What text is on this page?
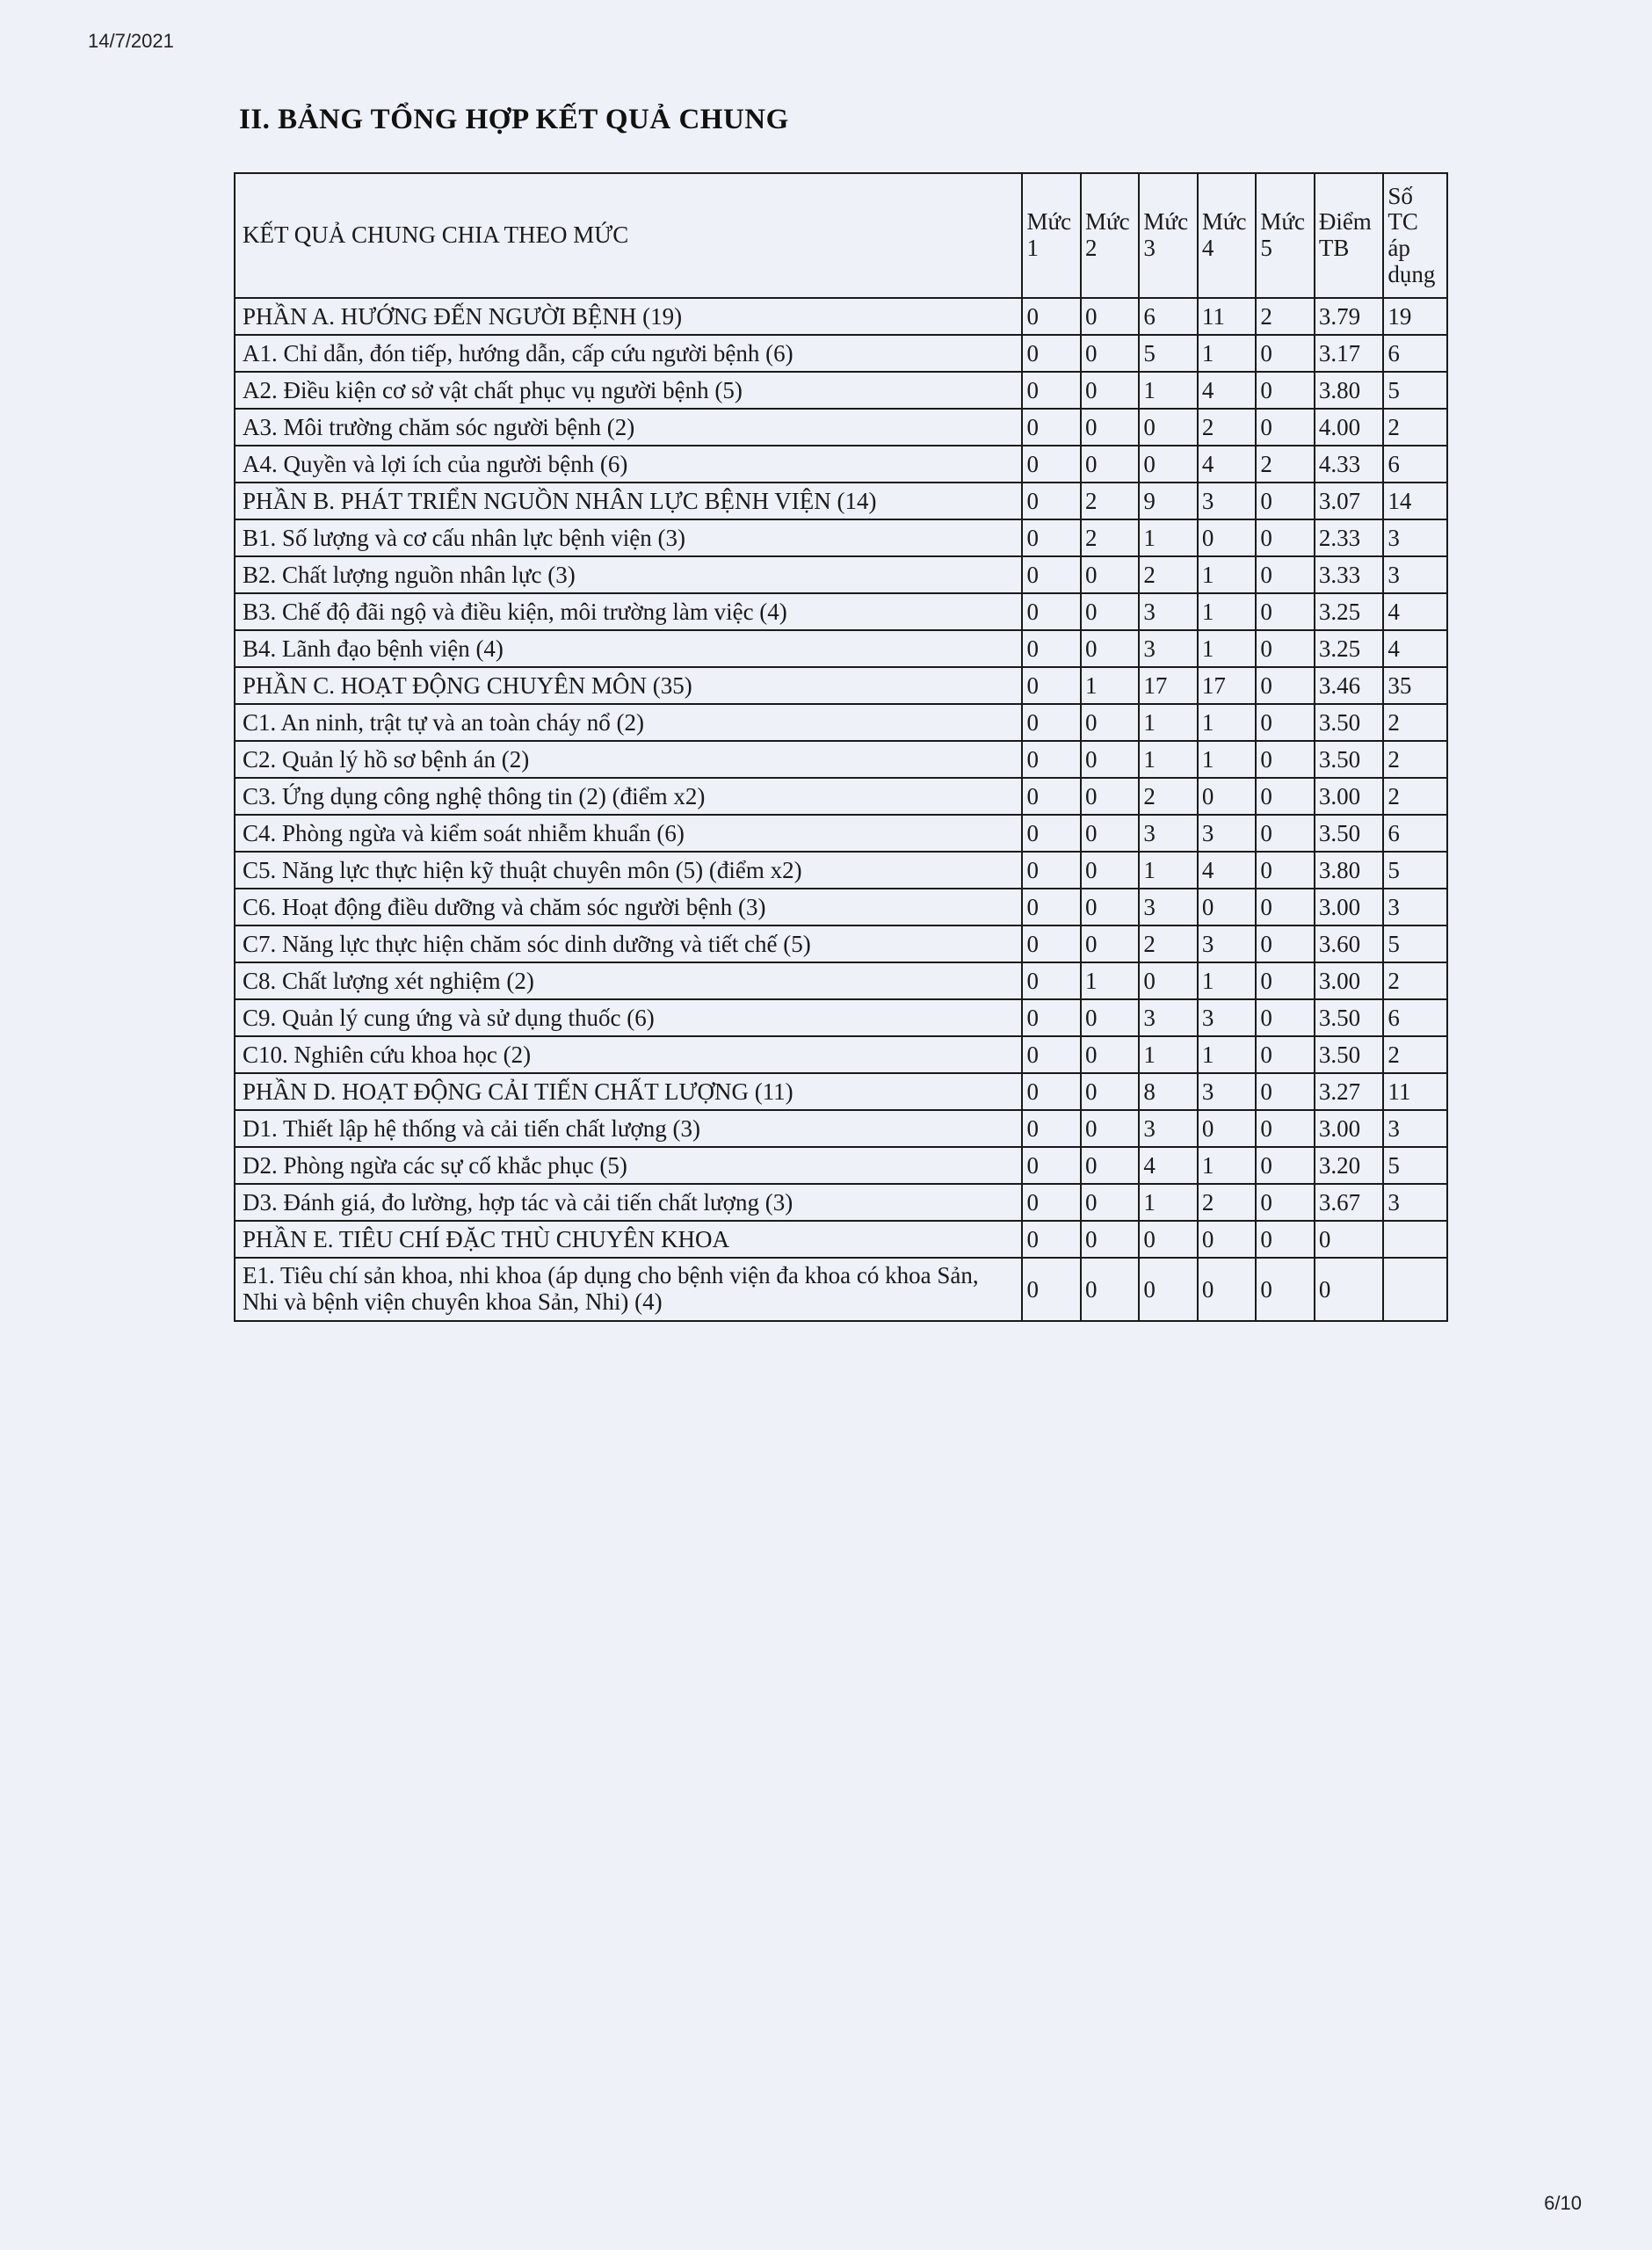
14/7/2021
II. BẢNG TỔNG HỢP KẾT QUẢ CHUNG
KẾT QUẢ CHUNG CHIA THEO MỨC	Mức 1	Mức 2	Mức 3	Mức 4	Mức 5	Điểm TB	Số TC áp dụng
PHẦN A. HƯỚNG ĐẾN NGƯỜI BỆNH (19)	0	0	6	11	2	3.79	19
A1. Chỉ dẫn, đón tiếp, hướng dẫn, cấp cứu người bệnh (6)	0	0	5	1	0	3.17	6
A2. Điều kiện cơ sở vật chất phục vụ người bệnh (5)	0	0	1	4	0	3.80	5
A3. Môi trường chăm sóc người bệnh (2)	0	0	0	2	0	4.00	2
A4. Quyền và lợi ích của người bệnh (6)	0	0	0	4	2	4.33	6
PHẦN B. PHÁT TRIỂN NGUỒN NHÂN LỰC BỆNH VIỆN (14)	0	2	9	3	0	3.07	14
B1. Số lượng và cơ cấu nhân lực bệnh viện (3)	0	2	1	0	0	2.33	3
B2. Chất lượng nguồn nhân lực (3)	0	0	2	1	0	3.33	3
B3. Chế độ đãi ngộ và điều kiện, môi trường làm việc (4)	0	0	3	1	0	3.25	4
B4. Lãnh đạo bệnh viện (4)	0	0	3	1	0	3.25	4
PHẦN C. HOẠT ĐỘNG CHUYÊN MÔN (35)	0	1	17	17	0	3.46	35
C1. An ninh, trật tự và an toàn cháy nổ (2)	0	0	1	1	0	3.50	2
C2. Quản lý hồ sơ bệnh án (2)	0	0	1	1	0	3.50	2
C3. Ứng dụng công nghệ thông tin (2) (điểm x2)	0	0	2	0	0	3.00	2
C4. Phòng ngừa và kiểm soát nhiễm khuẩn (6)	0	0	3	3	0	3.50	6
C5. Năng lực thực hiện kỹ thuật chuyên môn (5) (điểm x2)	0	0	1	4	0	3.80	5
C6. Hoạt động điều dưỡng và chăm sóc người bệnh (3)	0	0	3	0	0	3.00	3
C7. Năng lực thực hiện chăm sóc dinh dưỡng và tiết chế (5)	0	0	2	3	0	3.60	5
C8. Chất lượng xét nghiệm (2)	0	1	0	1	0	3.00	2
C9. Quản lý cung ứng và sử dụng thuốc (6)	0	0	3	3	0	3.50	6
C10. Nghiên cứu khoa học (2)	0	0	1	1	0	3.50	2
PHẦN D. HOẠT ĐỘNG CẢI TIẾN CHẤT LƯỢNG (11)	0	0	8	3	0	3.27	11
D1. Thiết lập hệ thống và cải tiến chất lượng (3)	0	0	3	0	0	3.00	3
D2. Phòng ngừa các sự cố khắc phục (5)	0	0	4	1	0	3.20	5
D3. Đánh giá, đo lường, hợp tác và cải tiến chất lượng (3)	0	0	1	2	0	3.67	3
PHẦN E. TIÊU CHÍ ĐẶC THÙ CHUYÊN KHOA	0	0	0	0	0	0	
E1. Tiêu chí sản khoa, nhi khoa (áp dụng cho bệnh viện đa khoa có khoa Sản, Nhi và bệnh viện chuyên khoa Sản, Nhi) (4)	0	0	0	0	0	0	
6/10
